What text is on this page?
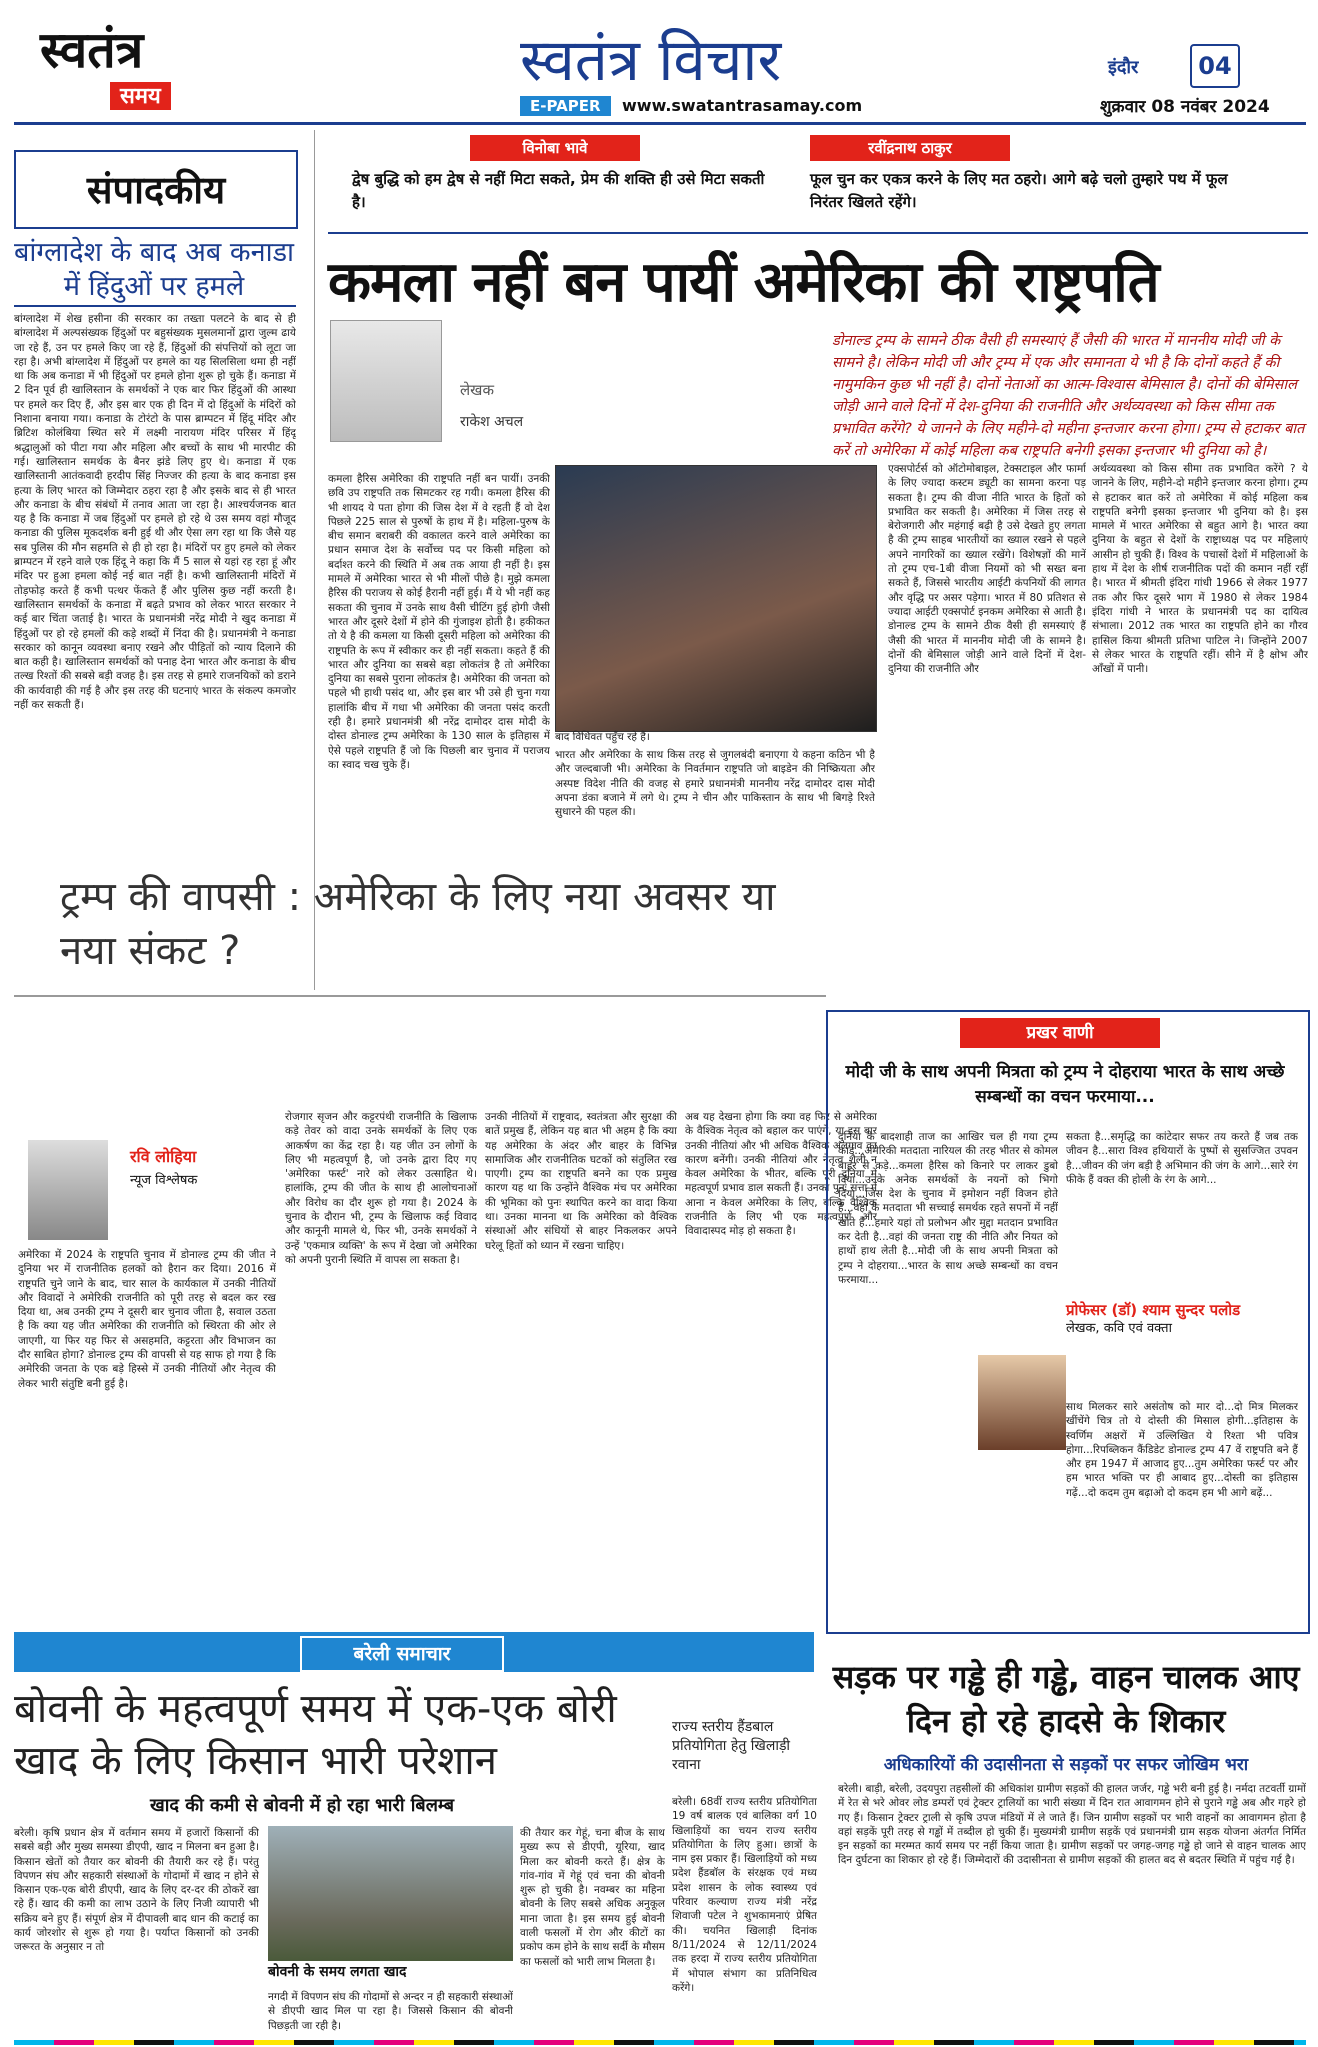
स्वतंत्र
समय
स्वतंत्र विचार
E-PAPER	www.swatantrasamay.com
इंदौर	04
शुक्रवार 08 नवंबर 2024
संपादकीय
बांग्लादेश के बाद अब कनाडा में हिंदुओं पर हमले
बांग्लादेश में शेख हसीना की सरकार का तख्ता पलटने के बाद से ही बांग्लादेश में अल्पसंख्यक हिंदुओं पर बहुसंख्यक मुसलमानों द्वारा जुल्म ढाये जा रहे हैं, उन पर हमले किए जा रहे हैं, हिंदुओं की संपत्तियों को लूटा जा रहा है। अभी बांग्लादेश में हिंदुओं पर हमले का यह सिलसिला थमा ही नहीं था कि अब कनाडा में भी हिंदुओं पर हमले होना शुरू हो चुके हैं। कनाडा में 2 दिन पूर्व ही खालिस्तान के समर्थकों ने एक बार फिर हिंदुओं की आस्था पर हमले कर दिए हैं, और इस बार एक ही दिन में दो हिंदुओं के मंदिरों को निशाना बनाया गया। कनाडा के टोरंटो के पास ब्राम्पटन में हिंदू मंदिर और ब्रिटिश कोलंबिया स्थित सरे में लक्ष्मी नारायण मंदिर परिसर में हिंदू श्रद्धालुओं को पीटा गया और महिला और बच्चों के साथ भी मारपीट की गई। खालिस्तान समर्थक के बैनर झंडे लिए हुए थे। कनाडा में एक खालिस्तानी आतंकवादी हरदीप सिंह निज्जर की हत्या के बाद कनाडा इस हत्या के लिए भारत को जिम्मेदार ठहरा रहा है और इसके बाद से ही भारत और कनाडा के बीच संबंधों में तनाव आता जा रहा है। आश्चर्यजनक बात यह है कि कनाडा में जब हिंदुओं पर हमले हो रहे थे उस समय वहां मौजूद कनाडा की पुलिस मूकदर्शक बनी हुई थी और ऐसा लग रहा था कि जैसे यह सब पुलिस की मौन सहमति से ही हो रहा है। मंदिरों पर हुए हमले को लेकर ब्राम्पटन में रहने वाले एक हिंदू ने कहा कि मैं 5 साल से यहां रह रहा हूं और मंदिर पर हुआ हमला कोई नई बात नहीं है। कभी खालिस्तानी मंदिरों में तोड़फोड़ करते हैं कभी पत्थर फेंकते हैं और पुलिस कुछ नहीं करती है। खालिस्तान समर्थकों के कनाडा में बढ़ते प्रभाव को लेकर भारत सरकार ने कई बार चिंता जताई है। भारत के प्रधानमंत्री नरेंद्र मोदी ने खुद कनाडा में हिंदुओं पर हो रहे हमलों की कड़े शब्दों में निंदा की है। प्रधानमंत्री ने कनाडा सरकार को कानून व्यवस्था बनाए रखने और पीड़ितों को न्याय दिलाने की बात कही है। खालिस्तान समर्थकों को पनाह देना भारत और कनाडा के बीच तल्ख रिश्तों की सबसे बड़ी वजह है। इस तरह से हमारे राजनयिकों को डराने की कार्यवाही की गई है और इस तरह की घटनाएं भारत के संकल्प कमजोर नहीं कर सकती हैं।
विनोबा भावे
द्वेष बुद्धि को हम द्वेष से नहीं मिटा सकते, प्रेम की शक्ति ही उसे मिटा सकती है।
रवींद्रनाथ ठाकुर
फूल चुन कर एकत्र करने के लिए मत ठहरो। आगे बढ़े चलो तुम्हारे पथ में फूल निरंतर खिलते रहेंगे।
कमला नहीं बन पायीं अमेरिका की राष्ट्रपति
लेखक
राकेश अचल
डोनाल्ड ट्रम्प के सामने ठीक वैसी ही समस्याएं हैं जैसी की भारत में माननीय मोदी जी के सामने है। लेकिन मोदी जी और ट्रम्प में एक और समानता ये भी है कि दोनों कहते हैं की नामुमकिन कुछ भी नहीं है। दोनों नेताओं का आत्म-विश्वास बेमिसाल है। दोनों की बेमिसाल जोड़ी आने वाले दिनों में देश-दुनिया की राजनीति और अर्थव्यवस्था को किस सीमा तक प्रभावित करेंगे? ये जानने के लिए महीने-दो महीना इन्तजार करना होगा। ट्रम्प से हटाकर बात करें तो अमेरिका में कोई महिला कब राष्ट्रपति बनेगी इसका इन्तजार भी दुनिया को है।
कमला हैरिस अमेरिका की राष्ट्रपति नहीं बन पायीं। उनकी छवि उप राष्ट्रपति तक सिमटकर रह गयी। कमला हैरिस की भी शायद ये पता होगा की जिस देश में वे रहती हैं वो देश पिछले 225 साल से पुरुषों के हाथ में है। महिला-पुरुष के बीच समान बराबरी की वकालत करने वाले अमेरिका का प्रधान समाज देश के सर्वोच्च पद पर किसी महिला को बर्दाश्त करने की स्थिति में अब तक आया ही नहीं है। इस मामले में अमेरिका भारत से भी मीलों पीछे है। मुझे कमला हैरिस की पराजय से कोई हैरानी नहीं हुई। मैं ये भी नहीं कह सकता की चुनाव में उनके साथ वैसी चीटिंग हुई होगी जैसी भारत और दूसरे देशों में होने की गुंजाइश होती है। हकीकत तो ये है की कमला या किसी दूसरी महिला को अमेरिका की राष्ट्रपति के रूप में स्वीकार कर ही नहीं सकता। कहते हैं की भारत और दुनिया का सबसे बड़ा लोकतंत्र है तो अमेरिका दुनिया का सबसे पुराना लोकतंत्र है। अमेरिका की जनता को पहले भी हाथी पसंद था, और इस बार भी उसे ही चुना गया हालांकि बीच में गधा भी अमेरिका की जनता पसंद करती रही है। हमारे प्रधानमंत्री श्री नरेंद्र दामोदर दास मोदी के दोस्त डोनाल्ड ट्रम्प अमेरिका के 130 साल के इतिहास में ऐसे पहले राष्ट्रपति हैं जो कि पिछली बार चुनाव में पराजय का स्वाद चख चुके हैं।
बाद विधिवत पहुँच रहे हैं।
भारत और अमेरिका के साथ किस तरह से जुगलबंदी बनाएगा ये कहना कठिन भी है और जल्दबाजी भी। अमेरिका के निवर्तमान राष्ट्रपति जो बाइडेन की निष्क्रियता और अस्पष्ट विदेश नीति की वजह से हमारे प्रधानमंत्री माननीय नरेंद्र दामोदर दास मोदी अपना डंका बजाने में लगे थे। ट्रम्प ने चीन और पाकिस्तान के साथ भी बिगड़े रिश्ते सुधारने की पहल की।
एक्सपोर्टर्स को ऑटोमोबाइल, टेक्सटाइल और फार्मा के लिए ज्यादा कस्टम ड्यूटी का सामना करना पड़ सकता है। ट्रम्प की वीजा नीति भारत के हितों को प्रभावित कर सकती है। अमेरिका में जिस तरह से बेरोजगारी और महंगाई बढ़ी है उसे देखते हुए लगता है की ट्रम्प साहब भारतीयों का ख्याल रखने से पहले अपने नागरिकों का ख्याल रखेंगे। विशेषज्ञों की मानें तो ट्रम्प एच-1बी वीजा नियमों को भी सख्त बना सकते हैं, जिससे भारतीय आईटी कंपनियों की लागत और वृद्धि पर असर पड़ेगा। भारत में 80 प्रतिशत से ज्यादा आईटी एक्सपोर्ट इनकम अमेरिका से आती है। डोनाल्ड ट्रम्प के सामने ठीक वैसी ही समस्याएं हैं जैसी की भारत में माननीय मोदी जी के सामने है। दोनों की बेमिसाल जोड़ी आने वाले दिनों में देश-दुनिया की राजनीति और
अर्थव्यवस्था को किस सीमा तक प्रभावित करेंगे ? ये जानने के लिए, महीने-दो महीने इन्तजार करना होगा। ट्रम्प से हटाकर बात करें तो अमेरिका में कोई महिला कब राष्ट्रपति बनेगी इसका इन्तजार भी दुनिया को है। इस मामले में भारत अमेरिका से बहुत आगे है। भारत क्या दुनिया के बहुत से देशों के राष्ट्राध्यक्ष पद पर महिलाएं आसीन हो चुकी हैं। विश्व के पचासों देशों में महिलाओं के हाथ में देश के शीर्ष राजनीतिक पदों की कमान नहीं रहीं है। भारत में श्रीमती इंदिरा गांधी 1966 से लेकर 1977 तक और फिर दूसरे भाग में 1980 से लेकर 1984 इंदिरा गांधी ने भारत के प्रधानमंत्री पद का दायित्व संभाला। 2012 तक भारत का राष्ट्रपति होने का गौरव हासिल किया श्रीमती प्रतिभा पाटिल ने। जिन्होंने 2007 से लेकर भारत के राष्ट्रपति रहीं। सीने में है क्षोभ और आँखों में पानी।
ट्रम्प की वापसी : अमेरिका के लिए नया अवसर या नया संकट ?
रवि लोहिया
न्यूज विश्लेषक
अमेरिका में 2024 के राष्ट्रपति चुनाव में डोनाल्ड ट्रम्प की जीत ने दुनिया भर में राजनीतिक हलकों को हैरान कर दिया। 2016 में राष्ट्रपति चुने जाने के बाद, चार साल के कार्यकाल में उनकी नीतियों और विवादों ने अमेरिकी राजनीति को पूरी तरह से बदल कर रख दिया था, अब उनकी ट्रम्प ने दूसरी बार चुनाव जीता है, सवाल उठता है कि क्या यह जीत अमेरिका की राजनीति को स्थिरता की ओर ले जाएगी, या फिर यह फिर से असहमति, कट्टरता और विभाजन का दौर साबित होगा? डोनाल्ड ट्रम्प की वापसी से यह साफ हो गया है कि अमेरिकी जनता के एक बड़े हिस्से में उनकी नीतियों और नेतृत्व की लेकर भारी संतुष्टि बनी हुई है।
रोजगार सृजन और कट्टरपंथी राजनीति के खिलाफ कड़े तेवर को वादा उनके समर्थकों के लिए एक आकर्षण का केंद्र रहा है। यह जीत उन लोगों के लिए भी महत्वपूर्ण है, जो उनके द्वारा दिए गए 'अमेरिका फर्स्ट' नारे को लेकर उत्साहित थे। हालांकि, ट्रम्प की जीत के साथ ही आलोचनाओं और विरोध का दौर शुरू हो गया है। 2024 के चुनाव के दौरान भी, ट्रम्प के खिलाफ कई विवाद और कानूनी मामले थे, फिर भी, उनके समर्थकों ने उन्हें 'एकमात्र व्यक्ति' के रूप में देखा जो अमेरिका को अपनी पुरानी स्थिति में वापस ला सकता है।
उनकी नीतियों में राष्ट्रवाद, स्वतंत्रता और सुरक्षा की बातें प्रमुख हैं, लेकिन यह बात भी अहम है कि क्या यह अमेरिका के अंदर और बाहर के विभिन्न सामाजिक और राजनीतिक घटकों को संतुलित रख पाएगी। ट्रम्प का राष्ट्रपति बनने का एक प्रमुख कारण यह था कि उन्होंने वैश्विक मंच पर अमेरिका की भूमिका को पुनः स्थापित करने का वादा किया था। उनका मानना था कि अमेरिका को वैश्विक संस्थाओं और संधियों से बाहर निकलकर अपने घरेलू हितों को ध्यान में रखना चाहिए।
अब यह देखना होगा कि क्या वह फिर से अमेरिका के वैश्विक नेतृत्व को बहाल कर पाएंगे, या इस बार उनकी नीतियां और भी अधिक वैश्विक अलगाव का कारण बनेंगी। उनकी नीतियां और नेतृत्व शैली न केवल अमेरिका के भीतर, बल्कि पूरी दुनिया में महत्वपूर्ण प्रभाव डाल सकती हैं। उनका पुनः सत्ता में आना न केवल अमेरिका के लिए, बल्कि वैश्विक राजनीति के लिए भी एक महत्वपूर्ण और विवादास्पद मोड़ हो सकता है।
प्रखर वाणी
मोदी जी के साथ अपनी मित्रता को ट्रम्प ने दोहराया भारत के साथ अच्छे सम्बन्धों का वचन फरमाया...
दुनिया के बादशाही ताज का आखिर चल ही गया ट्रम्प कार्ड...अमेरिकी मतदाता नारियल की तरह भीतर से कोमल बाहर से कड़े...कमला हैरिस को किनारे पर लाकर डुबो दिया...उनके अनेक समर्थकों के नयनों को भिगो दिया...जिस देश के चुनाव में इमोशन नहीं विजन होते हैं...वहां के मतदाता भी सच्चाई समर्थक रहते सपनों में नहीं खोते हैं...हमारे यहां तो प्रलोभन और मुद्दा मतदान प्रभावित कर देती है...वहां की जनता राष्ट्र की नीति और नियत को हाथों हाथ लेती है...मोदी जी के साथ अपनी मित्रता को ट्रम्प ने दोहराया...भारत के साथ अच्छे सम्बन्धों का वचन फरमाया...
सकता है...समृद्धि का कांटेदार सफर तय करते हैं जब तक जीवन है...सारा विश्व हथियारों के पुष्पों से सुसज्जित उपवन है...जीवन की जंग बड़ी है अभिमान की जंग के आगे...सारे रंग फीके हैं वक्त की होली के रंग के आगे...
प्रोफेसर (डॉ) श्याम सुन्दर पलोड
लेखक, कवि एवं वक्ता
साथ मिलकर सारे असंतोष को मार दो...दो मित्र मिलकर खींचेंगे चित्र तो ये दोस्ती की मिसाल होगी...इतिहास के स्वर्णिम अक्षरों में उल्लिखित ये रिश्ता भी पवित्र होगा...रिपब्लिकन कैंडिडेट डोनाल्ड ट्रम्प 47 वें राष्ट्रपति बने हैं और हम 1947 में आजाद हुए...तुम अमेरिका फर्स्ट पर और हम भारत भक्ति पर ही आबाद हुए...दोस्ती का इतिहास गढ़ें...दो कदम तुम बढ़ाओ दो कदम हम भी आगे बढ़ें...
बरेली समाचार
बोवनी के महत्वपूर्ण समय में एक-एक बोरी खाद के लिए किसान भारी परेशान
खाद की कमी से बोवनी में हो रहा भारी बिलम्ब
बरेली। कृषि प्रधान क्षेत्र में वर्तमान समय में हजारों किसानों की सबसे बड़ी और मुख्य समस्या डीएपी, खाद न मिलना बन हुआ है। किसान खेतों को तैयार कर बोवनी की तैयारी कर रहे हैं। परंतु विपणन संघ और सहकारी संस्थाओं के गोदामों में खाद न होने से किसान एक-एक बोरी डीएपी, खाद के लिए दर-दर की ठोकरें खा रहे हैं। खाद की कमी का लाभ उठाने के लिए निजी व्यापारी भी सक्रिय बने हुए हैं। संपूर्ण क्षेत्र में दीपावली बाद धान की कटाई का कार्य जोरशोर से शुरू हो गया है। पर्याप्त किसानों को उनकी जरूरत के अनुसार न तो
बोवनी के समय लगता खाद
नगदी में विपणन संघ की गोदामों से अन्दर न ही सहकारी संस्थाओं से डीएपी खाद मिल पा रहा है। जिससे किसान की बोवनी पिछड़ती जा रही है।
की तैयार कर गेहूं, चना बीज के साथ मुख्य रूप से डीएपी, यूरिया, खाद मिला कर बोवनी करते हैं। क्षेत्र के गांव-गांव में गेहूं एवं चना की बोवनी शुरू हो चुकी है। नवम्बर का महिना बोवनी के लिए सबसे अधिक अनुकूल माना जाता है। इस समय हुई बोवनी वाली फसलों में रोग और कीटों का प्रकोप कम होने के साथ सर्दी के मौसम का फसलों को भारी लाभ मिलता है।
राज्य स्तरीय हैंडबाल प्रतियोगिता हेतु खिलाड़ी रवाना
बरेली। 68वीं राज्य स्तरीय प्रतियोगिता 19 वर्ष बालक एवं बालिका वर्ग 10 खिलाड़ियों का चयन राज्य स्तरीय प्रतियोगिता के लिए हुआ। छात्रों के नाम इस प्रकार हैं। खिलाड़ियों को मध्य प्रदेश हैंडबॉल के संरक्षक एवं मध्य प्रदेश शासन के लोक स्वास्थ्य एवं परिवार कल्याण राज्य मंत्री नरेंद्र शिवाजी पटेल ने शुभकामनाएं प्रेषित की। चयनित खिलाड़ी दिनांक 8/11/2024 से 12/11/2024 तक हरदा में राज्य स्तरीय प्रतियोगिता में भोपाल संभाग का प्रतिनिधित्व करेंगे।
सड़क पर गड्ढे ही गड्ढे, वाहन चालक आए दिन हो रहे हादसे के शिकार
अधिकारियों की उदासीनता से सड़कों पर सफर जोखिम भरा
बरेली। बाड़ी, बरेली, उदयपुरा तहसीलों की अधिकांश ग्रामीण सड़कों की हालत जर्जर, गड्ढे भरी बनी हुई है। नर्मदा तटवर्ती ग्रामों में रेत से भरे ओवर लोड डम्परों एवं ट्रेक्टर ट्रालियों का भारी संख्या में दिन रात आवागमन होने से पुराने गड्ढे अब और गहरे हो गए हैं। किसान ट्रेक्टर ट्राली से कृषि उपज मंडियों में ले जाते हैं। जिन ग्रामीण सड़कों पर भारी वाहनों का आवागमन होता है वहां सड़कें पूरी तरह से गड्ढों में तब्दील हो चुकी हैं। मुख्यमंत्री ग्रामीण सड़कें एवं प्रधानमंत्री ग्राम सड़क योजना अंतर्गत निर्मित इन सड़कों का मरम्मत कार्य समय पर नहीं किया जाता है। ग्रामीण सड़कों पर जगह-जगह गड्ढे हो जाने से वाहन चालक आए दिन दुर्घटना का शिकार हो रहे हैं। जिम्मेदारों की उदासीनता से ग्रामीण सड़कों की हालत बद से बदतर स्थिति में पहुंच गई है।
